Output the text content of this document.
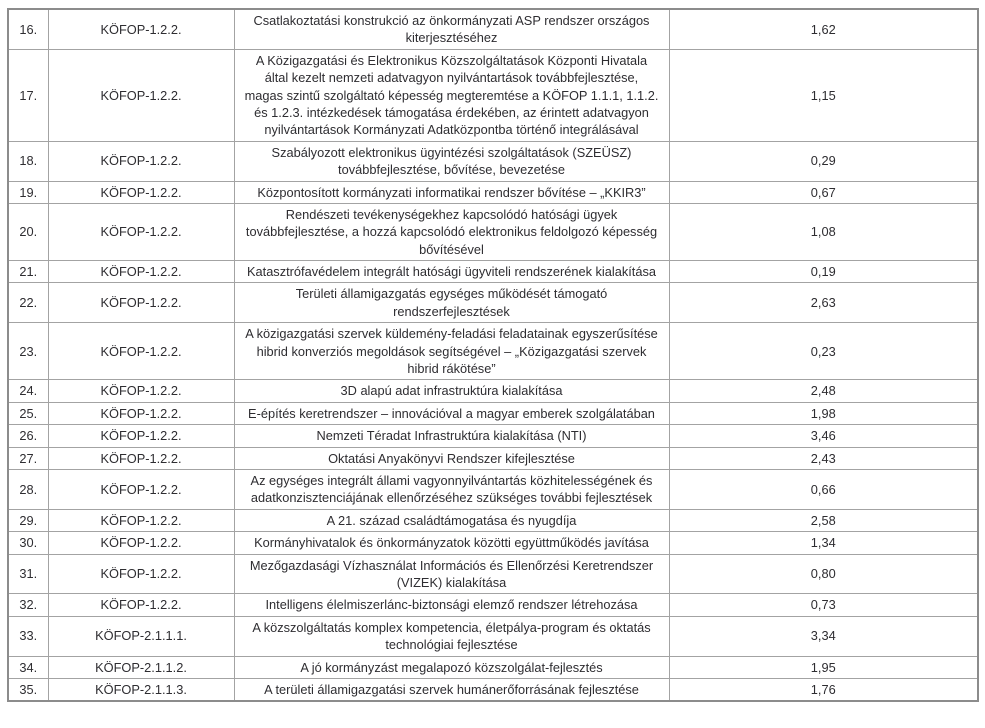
16.	KÖFOP-1.2.2.	Csatlakoztatási konstrukció az önkormányzati ASP rendszer országos kiterjesztéséhez	1,62
17.	KÖFOP-1.2.2.	A Közigazgatási és Elektronikus Közszolgáltatások Központi Hivatala által kezelt nemzeti adatvagyon nyilvántartások továbbfejlesztése, magas szintű szolgáltató képesség megteremtése a KÖFOP 1.1.1, 1.1.2. és 1.2.3. intézkedések támogatása érdekében, az érintett adatvagyon nyilvántartások Kormányzati Adatközpontba történő integrálásával	1,15
18.	KÖFOP-1.2.2.	Szabályozott elektronikus ügyintézési szolgáltatások (SZEÜSZ) továbbfejlesztése, bővítése, bevezetése	0,29
19.	KÖFOP-1.2.2.	Központosított kormányzati informatikai rendszer bővítése – „KKIR3”	0,67
20.	KÖFOP-1.2.2.	Rendészeti tevékenységekhez kapcsolódó hatósági ügyek továbbfejlesztése, a hozzá kapcsolódó elektronikus feldolgozó képesség bővítésével	1,08
21.	KÖFOP-1.2.2.	Katasztrófavédelem integrált hatósági ügyviteli rendszerének kialakítása	0,19
22.	KÖFOP-1.2.2.	Területi államigazgatás egységes működését támogató rendszerfejlesztések	2,63
23.	KÖFOP-1.2.2.	A közigazgatási szervek küldemény-feladási feladatainak egyszerűsítése hibrid konverziós megoldások segítségével – „Közigazgatási szervek hibrid rákötése”	0,23
24.	KÖFOP-1.2.2.	3D alapú adat infrastruktúra kialakítása	2,48
25.	KÖFOP-1.2.2.	E-építés keretrendszer – innovációval a magyar emberek szolgálatában	1,98
26.	KÖFOP-1.2.2.	Nemzeti Téradat Infrastruktúra kialakítása (NTI)	3,46
27.	KÖFOP-1.2.2.	Oktatási Anyakönyvi Rendszer kifejlesztése	2,43
28.	KÖFOP-1.2.2.	Az egységes integrált állami vagyonnyilvántartás közhitelességének és adatkonzisztenciájának ellenőrzéséhez szükséges további fejlesztések	0,66
29.	KÖFOP-1.2.2.	A 21. század családtámogatása és nyugdíja	2,58
30.	KÖFOP-1.2.2.	Kormányhivatalok és önkormányzatok közötti együttműködés javítása	1,34
31.	KÖFOP-1.2.2.	Mezőgazdasági Vízhasználat Információs és Ellenőrzési Keretrendszer (VIZEK) kialakítása	0,80
32.	KÖFOP-1.2.2.	Intelligens élelmiszerlánc-biztonsági elemző rendszer létrehozása	0,73
33.	KÖFOP-2.1.1.1.	A közszolgáltatás komplex kompetencia, életpálya-program és oktatás technológiai fejlesztése	3,34
34.	KÖFOP-2.1.1.2.	A jó kormányzást megalapozó közszolgálat-fejlesztés	1,95
35.	KÖFOP-2.1.1.3.	A területi államigazgatási szervek humánerőforrásának fejlesztése	1,76
